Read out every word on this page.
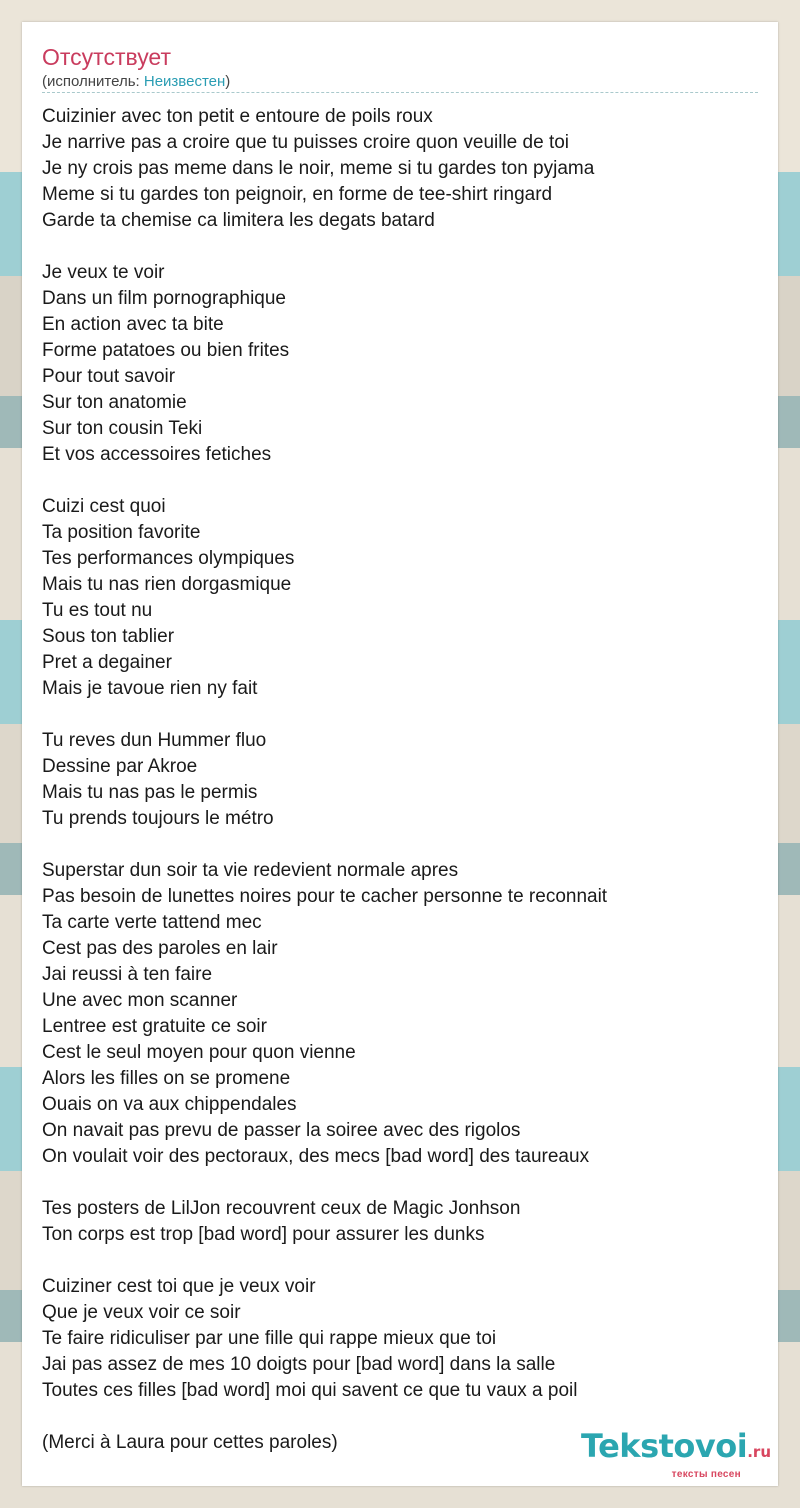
Отсутствует
(исполнитель: Неизвестен)
Cuizinier avec ton petit e entoure de poils roux
Je narrive pas a croire que tu puisses croire quon veuille de toi
Je ny crois pas meme dans le noir, meme si tu gardes ton pyjama
Meme si tu gardes ton peignoir, en forme de tee-shirt ringard
Garde ta chemise ca limitera les degats batard
Je veux te voir
Dans un film pornographique
En action avec ta bite
Forme patatoes ou bien frites
Pour tout savoir
Sur ton anatomie
Sur ton cousin Teki
Et vos accessoires fetiches
Cuizi cest quoi
Ta position favorite
Tes performances olympiques
Mais tu nas rien dorgasmique
Tu es tout nu
Sous ton tablier
Pret a degainer
Mais je tavoue rien ny fait
Tu reves dun Hummer fluo
Dessine par Akroe
Mais tu nas pas le permis
Tu prends toujours le métro
Superstar dun soir ta vie redevient normale apres
Pas besoin de lunettes noires pour te cacher personne te reconnait
Ta carte verte tattend mec
Cest pas des paroles en lair
Jai reussi à ten faire
Une avec mon scanner
Lentree est gratuite ce soir
Cest le seul moyen pour quon vienne
Alors les filles on se promene
Ouais on va aux chippendales
On navait pas prevu de passer la soiree avec des rigolos
On voulait voir des pectoraux, des mecs [bad word] des taureaux
Tes posters de LilJon recouvrent ceux de Magic Jonhson
Ton corps est trop [bad word] pour assurer les dunks
Cuiziner cest toi que je veux voir
Que je veux voir ce soir
Te faire ridiculiser par une fille qui rappe mieux que toi
Jai pas assez de mes 10 doigts pour [bad word] dans la salle
Toutes ces filles [bad word] moi qui savent ce que tu vaux a poil
(Merci à Laura pour cettes paroles)	Tekstovoi.ru
тексты песен
